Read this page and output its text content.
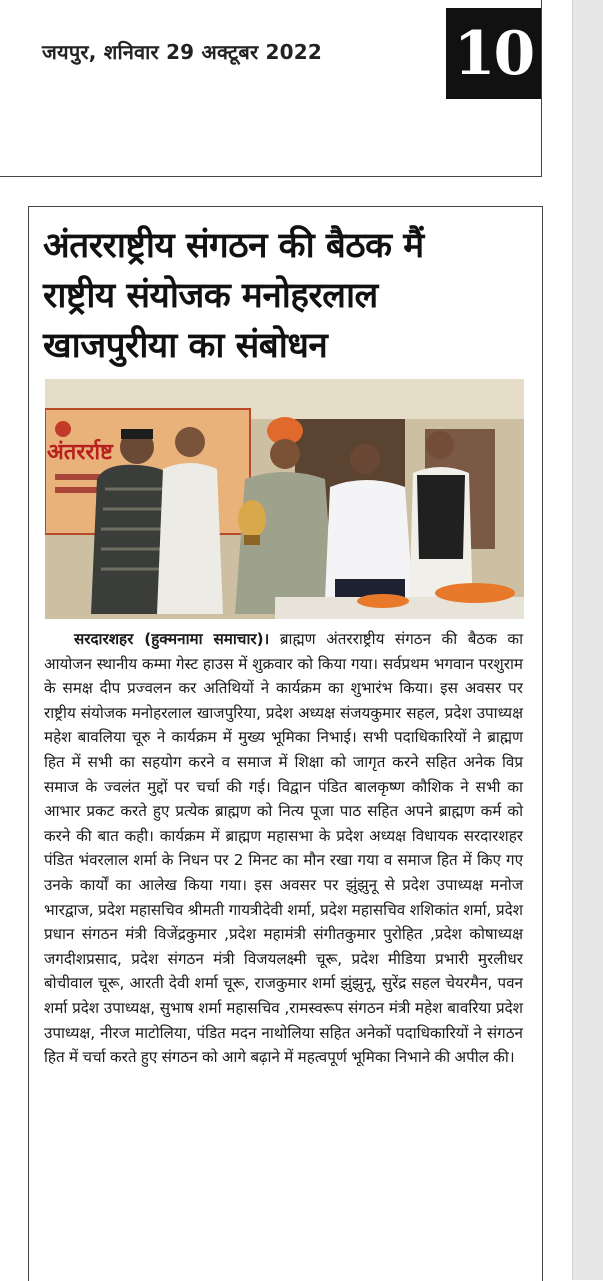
जयपुर, शनिवार 29 अक्टूबर 2022 10
अंतरराष्ट्रीय संगठन की बैठक मैं
राष्ट्रीय संयोजक मनोहरलाल
खाजपुरीया का संबोधन
अंतरर्राष्ट
सरदारशहर (हुक्मनामा समाचार)। ब्राह्मण अंतरराष्ट्रीय संगठन की बैठक का आयोजन स्थानीय कम्मा गेस्ट हाउस में शुक्रवार को किया गया। सर्वप्रथम भगवान परशुराम के समक्ष दीप प्रज्वलन कर अतिथियों ने कार्यक्रम का शुभारंभ किया। इस अवसर पर राष्ट्रीय संयोजक मनोहरलाल खाजपुरिया, प्रदेश अध्यक्ष संजयकुमार सहल, प्रदेश उपाध्यक्ष महेश बावलिया चूरु ने कार्यक्रम में मुख्य भूमिका निभाई। सभी पदाधिकारियों ने ब्राह्मण हित में सभी का सहयोग करने व समाज में शिक्षा को जागृत करने सहित अनेक विप्र समाज के ज्वलंत मुद्दों पर चर्चा की गई। विद्वान पंडित बालकृष्ण कौशिक ने सभी का आभार प्रकट करते हुए प्रत्येक ब्राह्मण को नित्य पूजा पाठ सहित अपने ब्राह्मण कर्म को करने की बात कही। कार्यक्रम में ब्राह्मण महासभा के प्रदेश अध्यक्ष विधायक सरदारशहर पंडित भंवरलाल शर्मा के निधन पर 2 मिनट का मौन रखा गया व समाज हित में किए गए उनके कार्यों का आलेख किया गया। इस अवसर पर झुंझुनू से प्रदेश उपाध्यक्ष मनोज भारद्वाज, प्रदेश महासचिव श्रीमती गायत्रीदेवी शर्मा, प्रदेश महासचिव शशिकांत शर्मा, प्रदेश प्रधान संगठन मंत्री विजेंद्रकुमार ,प्रदेश महामंत्री संगीतकुमार पुरोहित ,प्रदेश कोषाध्यक्ष जगदीशप्रसाद, प्रदेश संगठन मंत्री विजयलक्ष्मी चूरू, प्रदेश मीडिया प्रभारी मुरलीधर बोचीवाल चूरू, आरती देवी शर्मा चूरू, राजकुमार शर्मा झुंझुनू, सुरेंद्र सहल चेयरमैन, पवन शर्मा प्रदेश उपाध्यक्ष, सुभाष शर्मा महासचिव ,रामस्वरूप संगठन मंत्री महेश बावरिया प्रदेश उपाध्यक्ष, नीरज माटोलिया, पंडित मदन नाथोलिया सहित अनेकों पदाधिकारियों ने संगठन हित में चर्चा करते हुए संगठन को आगे बढ़ाने में महत्वपूर्ण भूमिका निभाने की अपील की।
